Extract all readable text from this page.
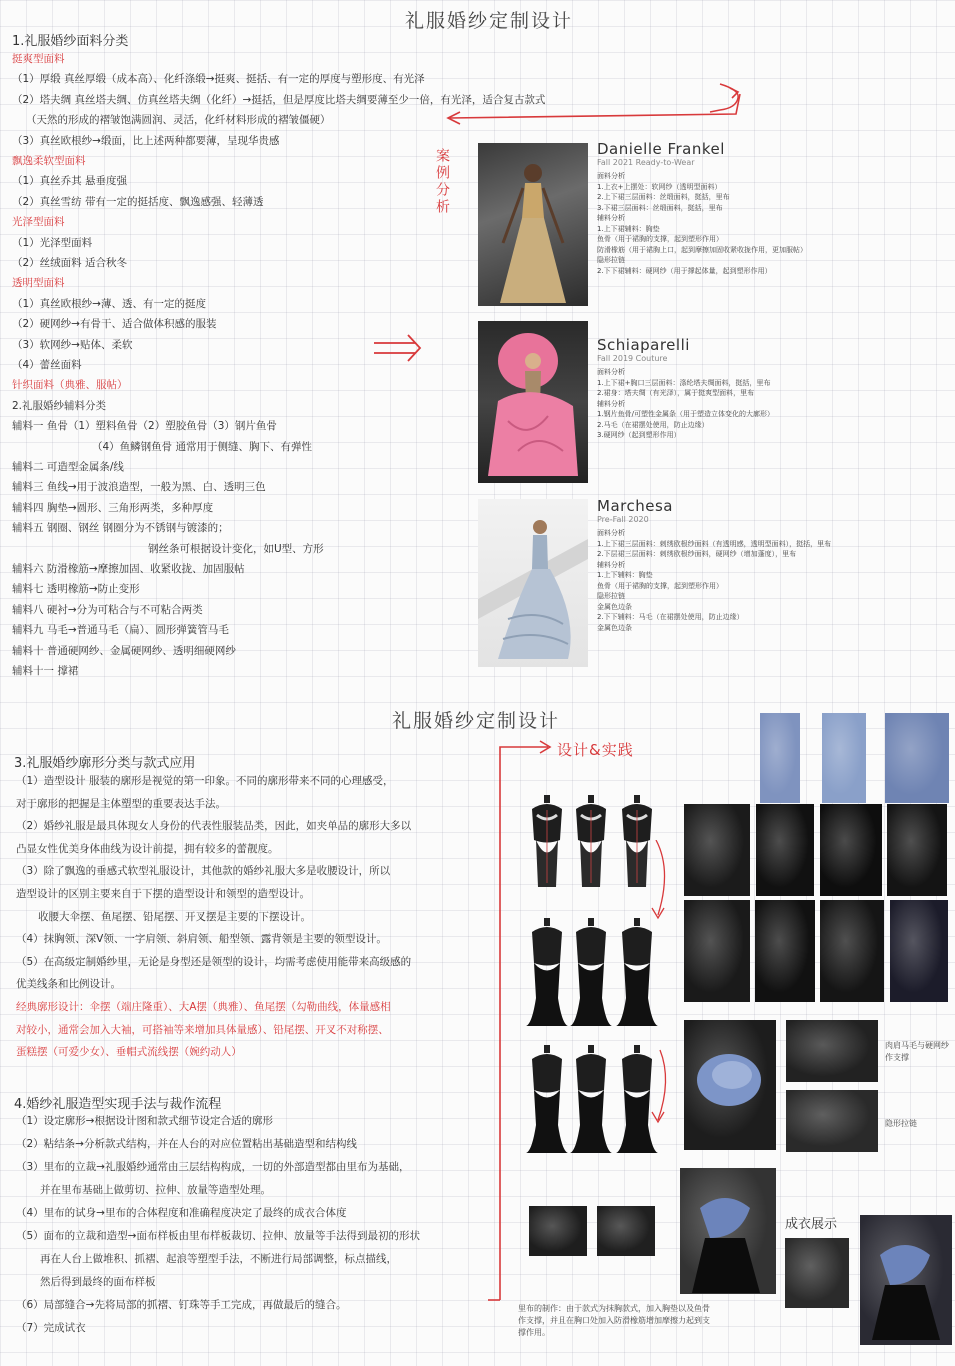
礼服婚纱定制设计
1.礼服婚纱面料分类
挺爽型面料
（1）厚缎 真丝厚缎（成本高）、化纤涤缎→挺爽、挺括、有一定的厚度与塑形度、有光泽
（2）塔夫绸 真丝塔夫绸、仿真丝塔夫绸（化纤）→挺括，但是厚度比塔夫绸要薄至少一倍，有光泽，适合复古款式
（天然的形成的褶皱饱满圆润、灵活，化纤材料形成的褶皱僵硬）
（3）真丝欧根纱→缎面，比上述两种都要薄，呈现华贵感
飘逸柔软型面料
（1）真丝乔其 悬垂度强
（2）真丝雪纺 带有一定的挺括度、飘逸感强、轻薄透
光泽型面料
（1）光泽型面料
（2）丝绒面料 适合秋冬
透明型面料
（1）真丝欧根纱→薄、透、有一定的挺度
（2）硬网纱→有骨干、适合做体积感的服装
（3）软网纱→贴体、柔软
（4）蕾丝面料
针织面料（典雅、服帖）
2.礼服婚纱辅料分类
辅料一 鱼骨（1）塑料鱼骨（2）塑胶鱼骨（3）钢片鱼骨
（4）鱼鳞钢鱼骨 通常用于侧缝、胸下、有弹性
辅料二 可造型金属条/线
辅料三 鱼线→用于波浪造型，一般为黑、白、透明三色
辅料四 胸垫→圆形、三角形两类，多种厚度
辅料五 钢圈、钢丝 钢圈分为不锈钢与镀漆的；
钢丝条可根据设计变化，如U型、方形
辅料六 防滑橡筋→摩擦加固、收紧收拢、加固服帖
辅料七 透明橡筋→防止变形
辅料八 硬衬→分为可粘合与不可粘合两类
辅料九 马毛→普通马毛（扁）、圆形弹簧管马毛
辅料十 普通硬网纱、金属硬网纱、透明细硬网纱
辅料十一 撑裙
案例分析	Danielle Frankel
Fall 2021 Ready-to-Wear
面料分析
1.上衣+上摆处：软网纱（透明型面料）
2.上下裙三层面料：丝缎面料，挺括，里布
3.下裙三层面料：丝缎面料，挺括，里布
辅料分析
1.上下裙辅料：胸垫
鱼骨（用于裙胸的支撑，起到塑形作用）
防滑橡筋（用于裙胸上口，起到摩擦加固收紧收拢作用，更加服帖）
隐形拉链
2.下下裙辅料：硬网纱（用于撑起体量，起到塑形作用）
Schiaparelli
Fall 2019 Couture
面料分析
1.上下裙+胸口三层面料：涤纶塔夫绸面料，挺括，里布
2.裙身：塔夫绸（有光泽），属于挺爽型面料，里布
辅料分析
1.钢片鱼骨/可塑性金属条（用于塑造立体变化的大廓形）
2.马毛（在裙摆处使用，防止边缘）
3.硬网纱（起到塑形作用）
Marchesa
Pre-Fall 2020
面料分析
1.上下裙三层面料：刺绣欧根纱面料（有透明感，透明型面料），挺括，里布
2.下层裙三层面料：刺绣欧根纱面料，硬网纱（增加蓬度），里布
辅料分析
1.上下辅料：胸垫
鱼骨（用于裙胸的支撑，起到塑形作用）
隐形拉链
金属色边条
2.下下辅料：马毛（在裙摆处使用，防止边缘）
金属色边条
礼服婚纱定制设计
3.礼服婚纱廓形分类与款式应用
（1）造型设计 服装的廓形是视觉的第一印象。不同的廓形带来不同的心理感受，
对于廓形的把握是主体塑型的重要表达手法。
（2）婚纱礼服是最具体现女人身份的代表性服装品类，因此，如夹单品的廓形大多以
凸显女性优美身体曲线为设计前提，拥有较多的蕾靓度。
（3）除了飘逸的垂感式软型礼服设计，其他款的婚纱礼服大多是收腰设计，所以
造型设计的区别主要来自于下摆的造型设计和领型的造型设计。
收腰大伞摆、鱼尾摆、铅尾摆、开叉摆是主要的下摆设计。
（4）抹胸领、深V领、一字肩领、斜肩领、船型领、露背领是主要的领型设计。
（5）在高级定制婚纱里，无论是身型还是领型的设计，均需考虑使用能带来高级感的
优美线条和比例设计。
经典廓形设计：伞摆（端庄隆重）、大A摆（典雅）、鱼尾摆（勾勒曲线，体量感相
对较小，通常会加入大袖，可搭袖等来增加具体量感）、铅尾摆、开叉不对称摆、
蛋糕摆（可爱少女）、垂帽式流线摆（婉约动人）
4.婚纱礼服造型实现手法与裁作流程
（1）设定廓形→根据设计图和款式细节设定合适的廓形
（2）粘结条→分析款式结构，并在人台的对应位置粘出基础造型和结构线
（3）里布的立裁→礼服婚纱通常由三层结构构成，一切的外部造型都由里布为基础，
并在里布基础上做剪切、拉伸、放量等造型处理。
（4）里布的试身→里布的合体程度和准确程度决定了最终的成衣合体度
（5）面布的立裁和造型→面布样板由里布样板裁切、拉伸、放量等手法得到最初的形状
再在人台上做堆积、抓褶、起浪等塑型手法，不断进行局部调整，标点描线，
然后得到最终的面布样板
（6）局部缝合→先将局部的抓褶、钉珠等手工完成，再做最后的缝合。
（7）完成试衣
设计&实践
肉肩马毛与硬网纱作支撑
隐形拉链
成衣展示
里布的制作：由于款式为抹胸款式，加入胸垫以及鱼骨
作支撑，并且在胸口处加入防滑橡筋增加摩擦力起到支
撑作用。
